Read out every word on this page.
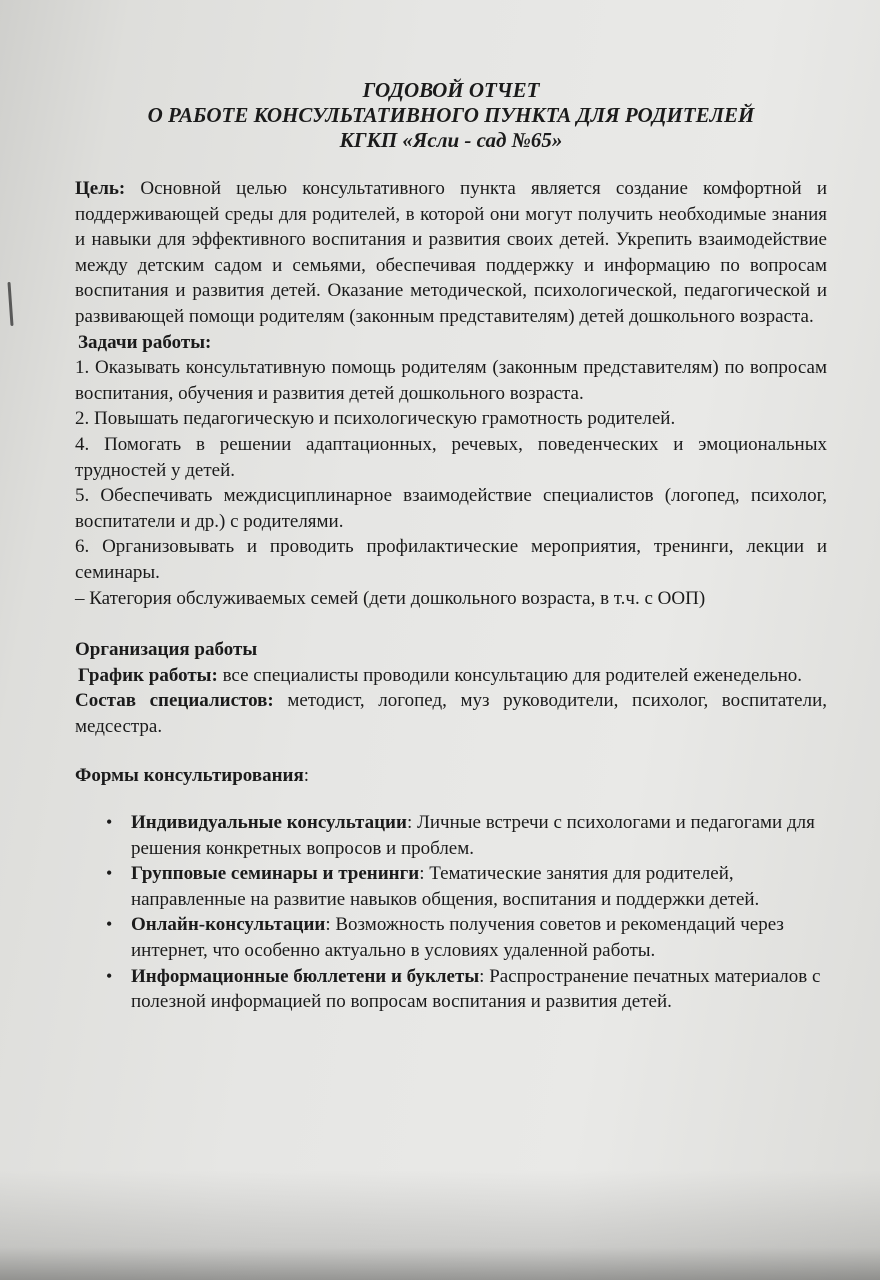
ГОДОВОЙ ОТЧЕТ
О РАБОТЕ КОНСУЛЬТАТИВНОГО ПУНКТА ДЛЯ РОДИТЕЛЕЙ
КГКП «Ясли - сад №65»

Цель: Основной целью консультативного пункта является создание комфортной и поддерживающей среды для родителей, в которой они могут получить необходимые знания и навыки для эффективного воспитания и развития своих детей. Укрепить взаимодействие между детским садом и семьями, обеспечивая поддержку и информацию по вопросам воспитания и развития детей. Оказание методической, психологической, педагогической и развивающей помощи родителям (законным представителям) детей дошкольного возраста.

Задачи работы:

1. Оказывать консультативную помощь родителям (законным представителям) по вопросам воспитания, обучения и развития детей дошкольного возраста.

2. Повышать педагогическую и психологическую грамотность родителей.

4. Помогать в решении адаптационных, речевых, поведенческих и эмоциональных трудностей у детей.

5. Обеспечивать междисциплинарное взаимодействие специалистов (логопед, психолог, воспитатели и др.) с родителями.

6. Организовывать и проводить профилактические мероприятия, тренинги, лекции и семинары.

– Категория обслуживаемых семей (дети дошкольного возраста, в т.ч. с ООП)

Организация работы

График работы: все специалисты проводили консультацию для родителей еженедельно.

Состав специалистов: методист, логопед, муз руководители, психолог, воспитатели, медсестра.

Формы консультирования:
• Индивидуальные консультации: Личные встречи с психологами и педагогами для решения конкретных вопросов и проблем.
• Групповые семинары и тренинги: Тематические занятия для родителей, направленные на развитие навыков общения, воспитания и поддержки детей.
• Онлайн-консультации: Возможность получения советов и рекомендаций через интернет, что особенно актуально в условиях удаленной работы.
• Информационные бюллетени и буклеты: Распространение печатных материалов с полезной информацией по вопросам воспитания и развития детей.
